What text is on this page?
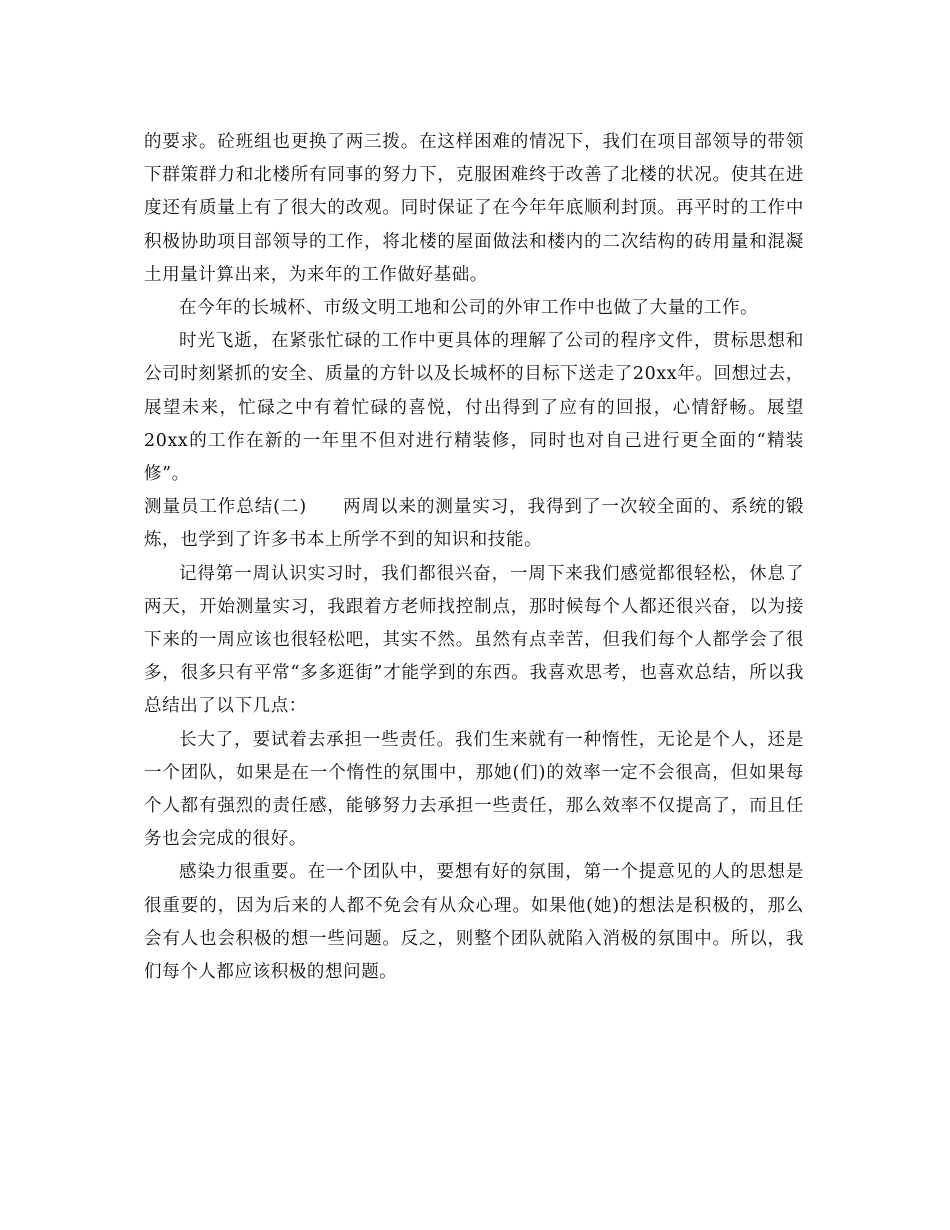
的要求。砼班组也更换了两三拨。在这样困难的情况下，我们在项目部领导的带领下群策群力和北楼所有同事的努力下，克服困难终于改善了北楼的状况。使其在进度还有质量上有了很大的改观。同时保证了在今年年底顺利封顶。再平时的工作中积极协助项目部领导的工作，将北楼的屋面做法和楼内的二次结构的砖用量和混凝土用量计算出来，为来年的工作做好基础。

在今年的长城杯、市级文明工地和公司的外审工作中也做了大量的工作。

时光飞逝，在紧张忙碌的工作中更具体的理解了公司的程序文件，贯标思想和公司时刻紧抓的安全、质量的方针以及长城杯的目标下送走了20xx年。回想过去，展望未来，忙碌之中有着忙碌的喜悦，付出得到了应有的回报，心情舒畅。展望20xx的工作在新的一年里不但对进行精装修，同时也对自己进行更全面的“精装修”。

测量员工作总结(二) 两周以来的测量实习，我得到了一次较全面的、系统的锻炼，也学到了许多书本上所学不到的知识和技能。

记得第一周认识实习时，我们都很兴奋，一周下来我们感觉都很轻松，休息了两天，开始测量实习，我跟着方老师找控制点，那时候每个人都还很兴奋，以为接下来的一周应该也很轻松吧，其实不然。虽然有点幸苦，但我们每个人都学会了很多，很多只有平常“多多逛街”才能学到的东西。我喜欢思考，也喜欢总结，所以我总结出了以下几点：

长大了，要试着去承担一些责任。我们生来就有一种惰性，无论是个人，还是一个团队，如果是在一个惰性的氛围中，那她(们)的效率一定不会很高，但如果每个人都有强烈的责任感，能够努力去承担一些责任，那么效率不仅提高了，而且任务也会完成的很好。

感染力很重要。在一个团队中，要想有好的氛围，第一个提意见的人的思想是很重要的，因为后来的人都不免会有从众心理。如果他(她)的想法是积极的，那么会有人也会积极的想一些问题。反之，则整个团队就陷入消极的氛围中。所以，我们每个人都应该积极的想问题。
